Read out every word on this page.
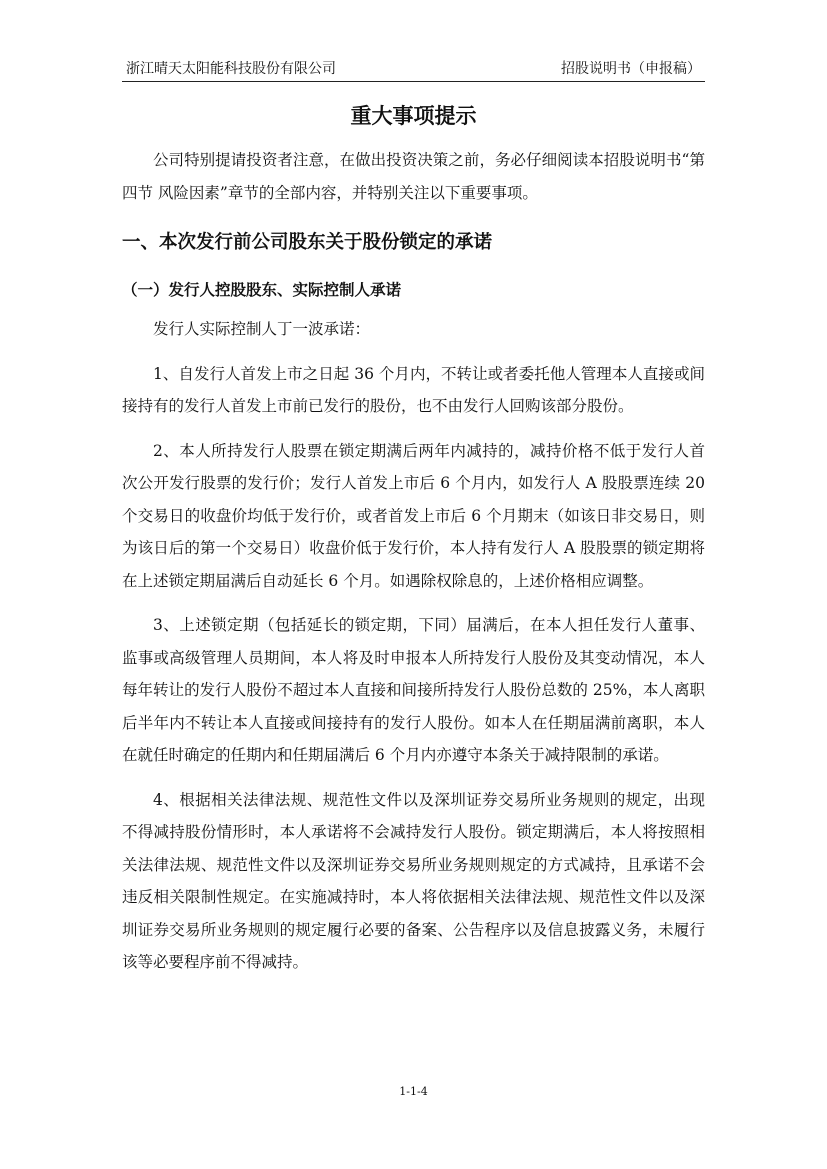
浙江晴天太阳能科技股份有限公司	招股说明书（申报稿）
重大事项提示

公司特别提请投资者注意，在做出投资决策之前，务必仔细阅读本招股说明书“第四节 风险因素”章节的全部内容，并特别关注以下重要事项。

一、本次发行前公司股东关于股份锁定的承诺
（一）发行人控股股东、实际控制人承诺

发行人实际控制人丁一波承诺：

1、自发行人首发上市之日起 36 个月内，不转让或者委托他人管理本人直接或间接持有的发行人首发上市前已发行的股份，也不由发行人回购该部分股份。

2、本人所持发行人股票在锁定期满后两年内减持的，减持价格不低于发行人首次公开发行股票的发行价；发行人首发上市后 6 个月内，如发行人 A 股股票连续 20 个交易日的收盘价均低于发行价，或者首发上市后 6 个月期末（如该日非交易日，则为该日后的第一个交易日）收盘价低于发行价，本人持有发行人 A 股股票的锁定期将在上述锁定期届满后自动延长 6 个月。如遇除权除息的，上述价格相应调整。

3、上述锁定期（包括延长的锁定期，下同）届满后，在本人担任发行人董事、监事或高级管理人员期间，本人将及时申报本人所持发行人股份及其变动情况，本人每年转让的发行人股份不超过本人直接和间接所持发行人股份总数的 25%，本人离职后半年内不转让本人直接或间接持有的发行人股份。如本人在任期届满前离职，本人在就任时确定的任期内和任期届满后 6 个月内亦遵守本条关于减持限制的承诺。

4、根据相关法律法规、规范性文件以及深圳证券交易所业务规则的规定，出现不得减持股份情形时，本人承诺将不会减持发行人股份。锁定期满后，本人将按照相关法律法规、规范性文件以及深圳证券交易所业务规则规定的方式减持，且承诺不会违反相关限制性规定。在实施减持时，本人将依据相关法律法规、规范性文件以及深圳证券交易所业务规则的规定履行必要的备案、公告程序以及信息披露义务，未履行该等必要程序前不得减持。

1-1-4
